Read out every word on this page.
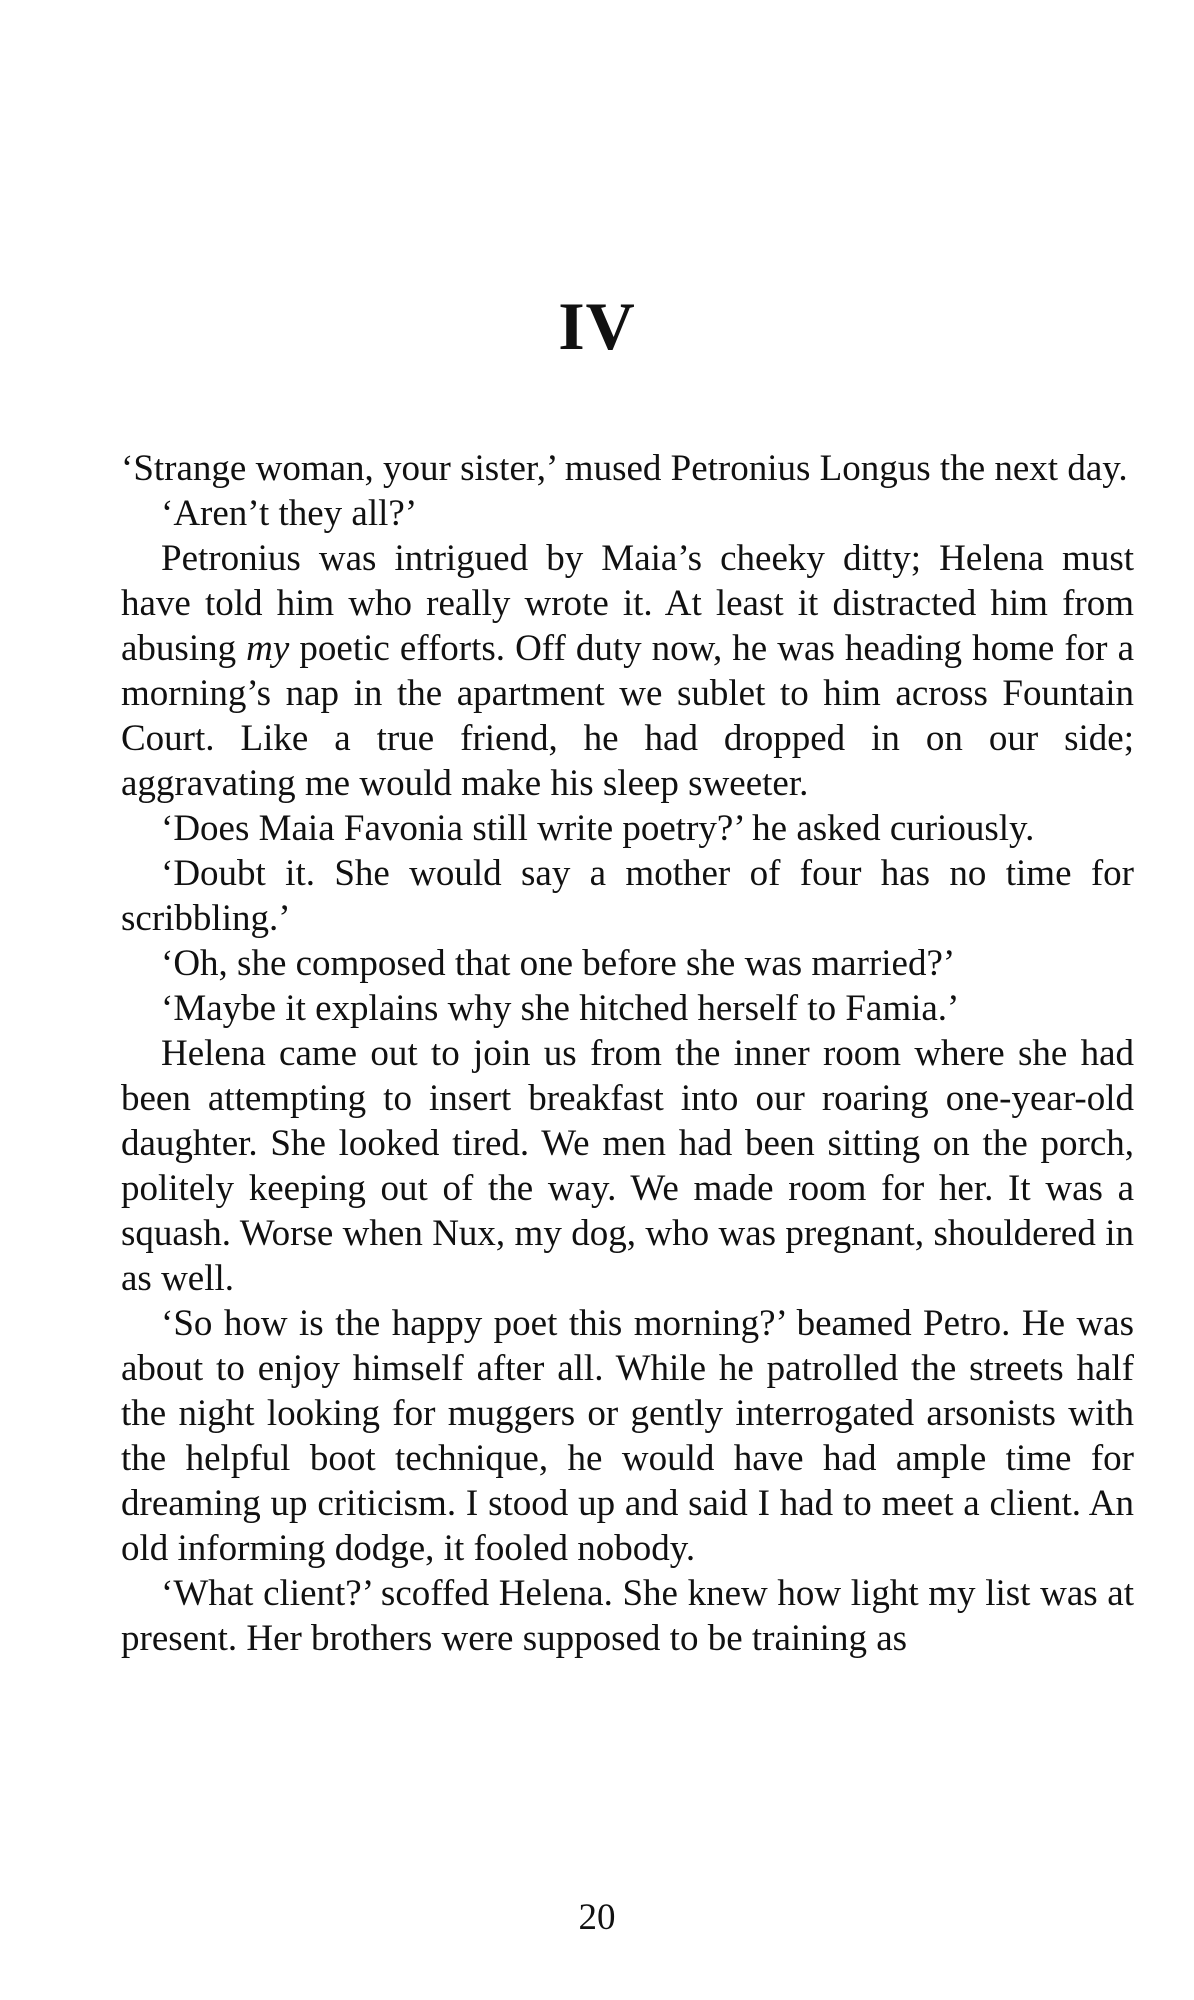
IV

‘Strange woman, your sister,’ mused Petronius Longus the next day.

‘Aren’t they all?’

Petronius was intrigued by Maia’s cheeky ditty; Helena must have told him who really wrote it. At least it distracted him from abusing my poetic efforts. Off duty now, he was heading home for a morning’s nap in the apartment we sublet to him across Fountain Court. Like a true friend, he had dropped in on our side; aggravating me would make his sleep sweeter.

‘Does Maia Favonia still write poetry?’ he asked curiously.

‘Doubt it. She would say a mother of four has no time for scribbling.’

‘Oh, she composed that one before she was married?’

‘Maybe it explains why she hitched herself to Famia.’

Helena came out to join us from the inner room where she had been attempting to insert breakfast into our roaring one-year-old daughter. She looked tired. We men had been sitting on the porch, politely keeping out of the way. We made room for her. It was a squash. Worse when Nux, my dog, who was pregnant, shouldered in as well.

‘So how is the happy poet this morning?’ beamed Petro. He was about to enjoy himself after all. While he patrolled the streets half the night looking for muggers or gently interrogated arsonists with the helpful boot technique, he would have had ample time for dreaming up criticism. I stood up and said I had to meet a client. An old informing dodge, it fooled nobody.

‘What client?’ scoffed Helena. She knew how light my list was at present. Her brothers were supposed to be training as

20
